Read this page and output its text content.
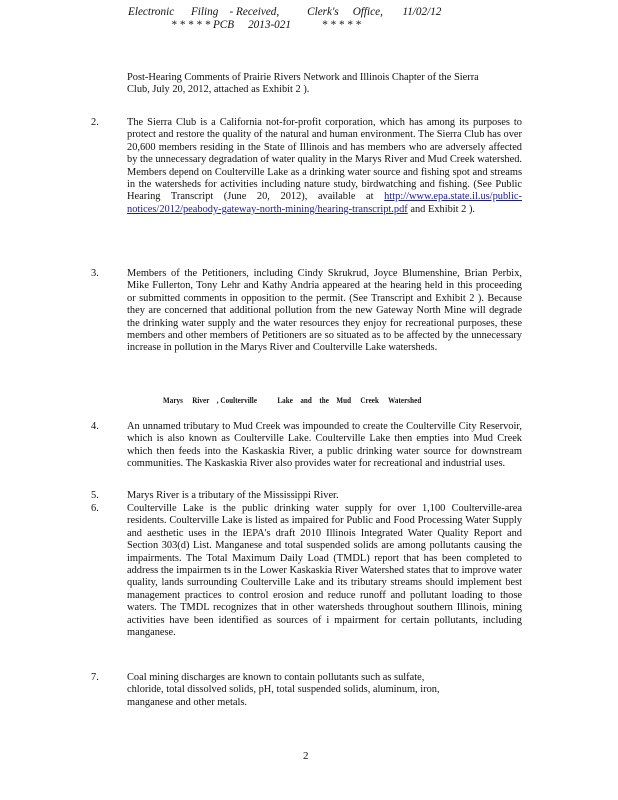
Electronic      Filing    - Received,          Clerk's     Office,       11/02/12
* * * * * PCB     2013-021           * * * * *
Post-Hearing Comments of Prairie Rivers Network and Illinois Chapter of the Sierra Club, July 20, 2012, attached as Exhibit 2 ).
2.	The Sierra Club is a California not-for-profit corporation, which has among its purposes to protect and restore the quality of the natural and human environment. The Sierra Club has over 20,600 members residing in the State of Illinois and has members who are adversely affected by the unnecessary degradation of water quality in the Marys River and Mud Creek watershed. Members depend on Coulterville Lake as a drinking water source and fishing spot and streams in the watersheds for activities including nature study, birdwatching and fishing. (See Public Hearing Transcript (June 20, 2012), available at http://www.epa.state.il.us/public-notices/2012/peabody-gateway-north-mining/hearing-transcript.pdf and Exhibit 2 ).
3.	Members of the Petitioners, including Cindy Skrukrud, Joyce Blumenshine, Brian Perbix, Mike Fullerton, Tony Lehr and Kathy Andria appeared at the hearing held in this proceeding or submitted comments in opposition to the permit. (See Transcript and Exhibit 2 ). Because they are concerned that additional pollution from the new Gateway North Mine will degrade the drinking water supply and the water resources they enjoy for recreational purposes, these members and other members of Petitioners are so situated as to be affected by the unnecessary increase in pollution in the Marys River and Coulterville Lake watersheds.
Marys     River    , Coulterville           Lake    and    the    Mud     Creek     Watershed
4.	An unnamed tributary to Mud Creek was impounded to create the Coulterville City Reservoir, which is also known as Coulterville Lake. Coulterville Lake then empties into Mud Creek which then feeds into the Kaskaskia River, a public drinking water source for downstream communities. The Kaskaskia River also provides water for recreational and industrial uses.
5.	Marys River is a tributary of the Mississippi River.
6.	Coulterville Lake is the public drinking water supply for over 1,100 Coulterville-area residents. Coulterville Lake is listed as impaired for Public and Food Processing Water Supply and aesthetic uses in the IEPA's draft 2010 Illinois Integrated Water Quality Report and Section 303(d) List. Manganese and total suspended solids are among pollutants causing the impairments. The Total Maximum Daily Load (TMDL) report that has been completed to address the impairmen ts in the Lower Kaskaskia River Watershed states that to improve water quality, lands surrounding Coulterville Lake and its tributary streams should implement best management practices to control erosion and reduce runoff and pollutant loading to those waters. The TMDL recognizes that in other watersheds throughout southern Illinois, mining activities have been identified as sources of i mpairment for certain pollutants, including manganese.
7.	Coal mining discharges are known to contain pollutants such as sulfate, chloride, total dissolved solids, pH, total suspended solids, aluminum, iron, manganese and other metals.
2
